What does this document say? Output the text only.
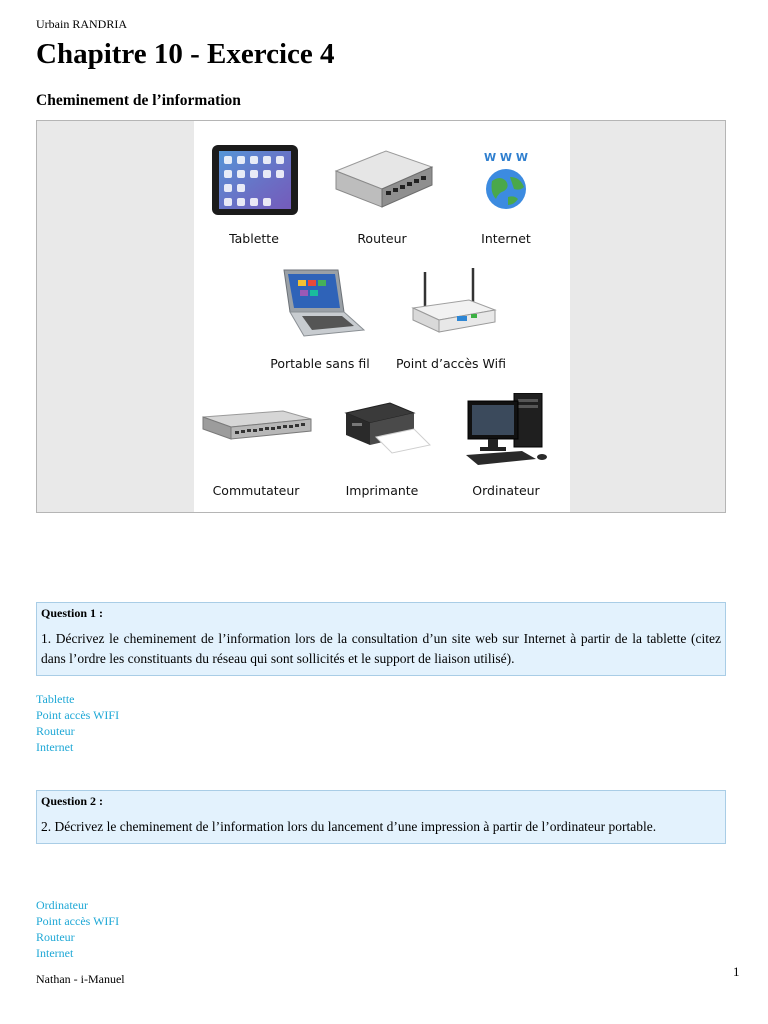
Urbain RANDRIA
Chapitre 10 - Exercice 4
Cheminement de l’information
Tablette	Routeur
W W W
Internet
Portable sans fil	Point d’accès Wifi
Commutateur	Imprimante	Ordinateur

Question 1 :

1. Décrivez le cheminement de l’information lors de la consultation d’un site web sur Internet à partir de la tablette (citez dans l’ordre les constituants du réseau qui sont sollicités et le support de liaison utilisé).

Tablette
Point accès WIFI
Routeur
Internet

Question 2 :

2. Décrivez le cheminement de l’information lors du lancement d’une impression à partir de l’ordinateur portable.

Ordinateur
Point accès WIFI
Routeur
Internet
Nathan - i-Manuel	1
